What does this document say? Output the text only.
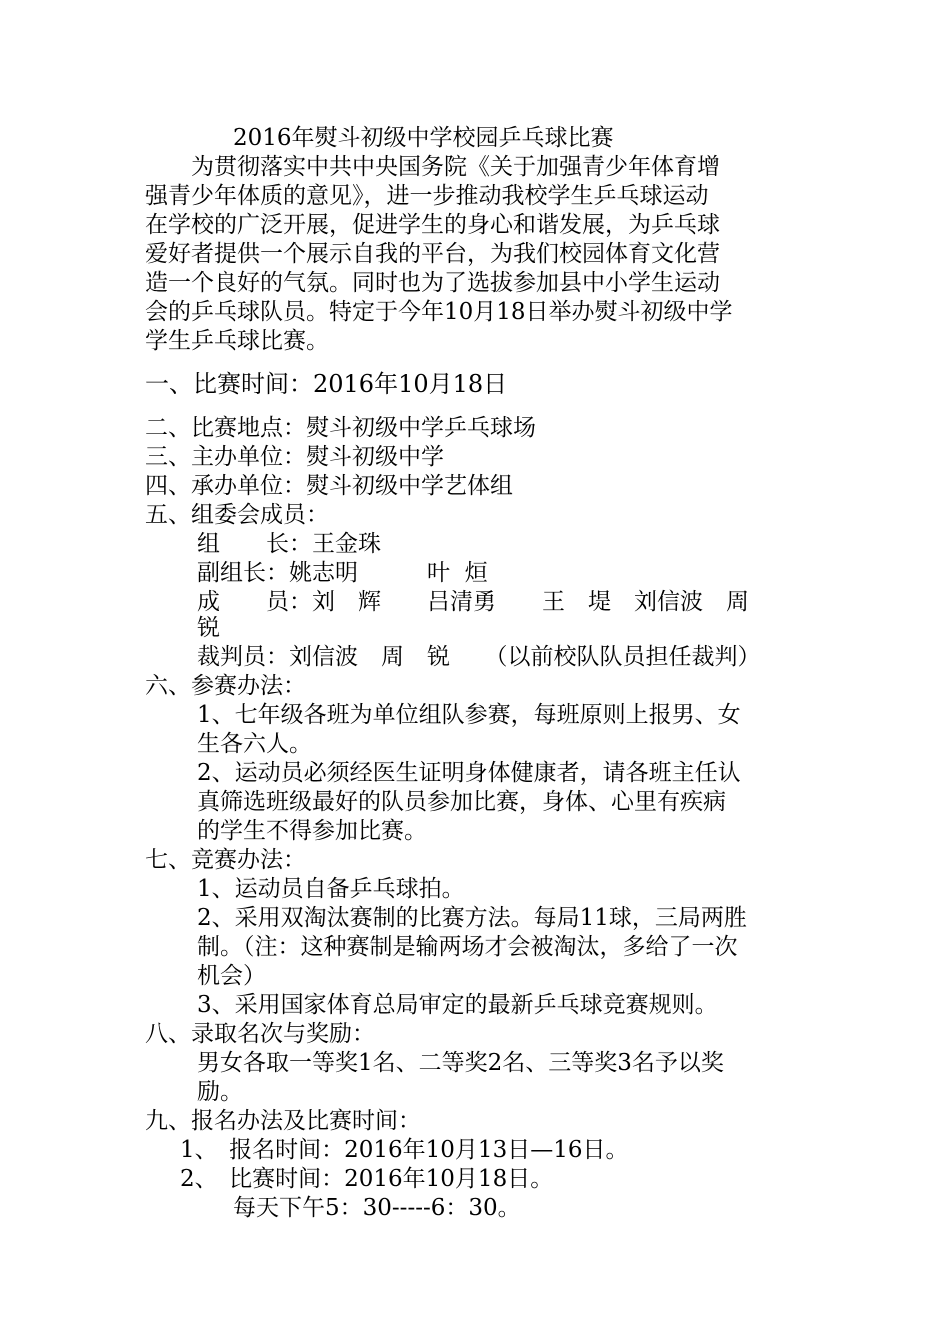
2016年熨斗初级中学校园乒乓球比赛
　　为贯彻落实中共中央国务院《关于加强青少年体育增
强青少年体质的意见》，进一步推动我校学生乒乓球运动
在学校的广泛开展，促进学生的身心和谐发展，为乒乓球
爱好者提供一个展示自我的平台，为我们校园体育文化营
造一个良好的气氛。同时也为了选拔参加县中小学生运动
会的乒乓球队员。特定于今年10月18日举办熨斗初级中学
学生乒乓球比赛。
一、比赛时间：2016年10月18日
二、比赛地点：熨斗初级中学乒乓球场
三、主办单位：熨斗初级中学
四、承办单位：熨斗初级中学艺体组
五、组委会成员：
组　　长：王金珠
副组长：姚志明　　　叶  烜
成　　员：刘　辉　　吕清勇　　王　堤　刘信波　周
锐
裁判员：刘信波　周　锐　　（以前校队队员担任裁判）
六、参赛办法：
1、七年级各班为单位组队参赛，每班原则上报男、女
生各六人。
2、运动员必须经医生证明身体健康者，请各班主任认
真筛选班级最好的队员参加比赛，身体、心里有疾病
的学生不得参加比赛。
七、竞赛办法：
1、运动员自备乒乓球拍。
2、采用双淘汰赛制的比赛方法。每局11球，三局两胜
制。（注：这种赛制是输两场才会被淘汰，多给了一次
机会）
3、采用国家体育总局审定的最新乒乓球竞赛规则。
八、录取名次与奖励：
男女各取一等奖1名、二等奖2名、三等奖3名予以奖
励。
九、报名办法及比赛时间：
1、　报名时间：2016年10月13日—16日。
2、　比赛时间：2016年10月18日。
每天下午5：30-----6：30。
